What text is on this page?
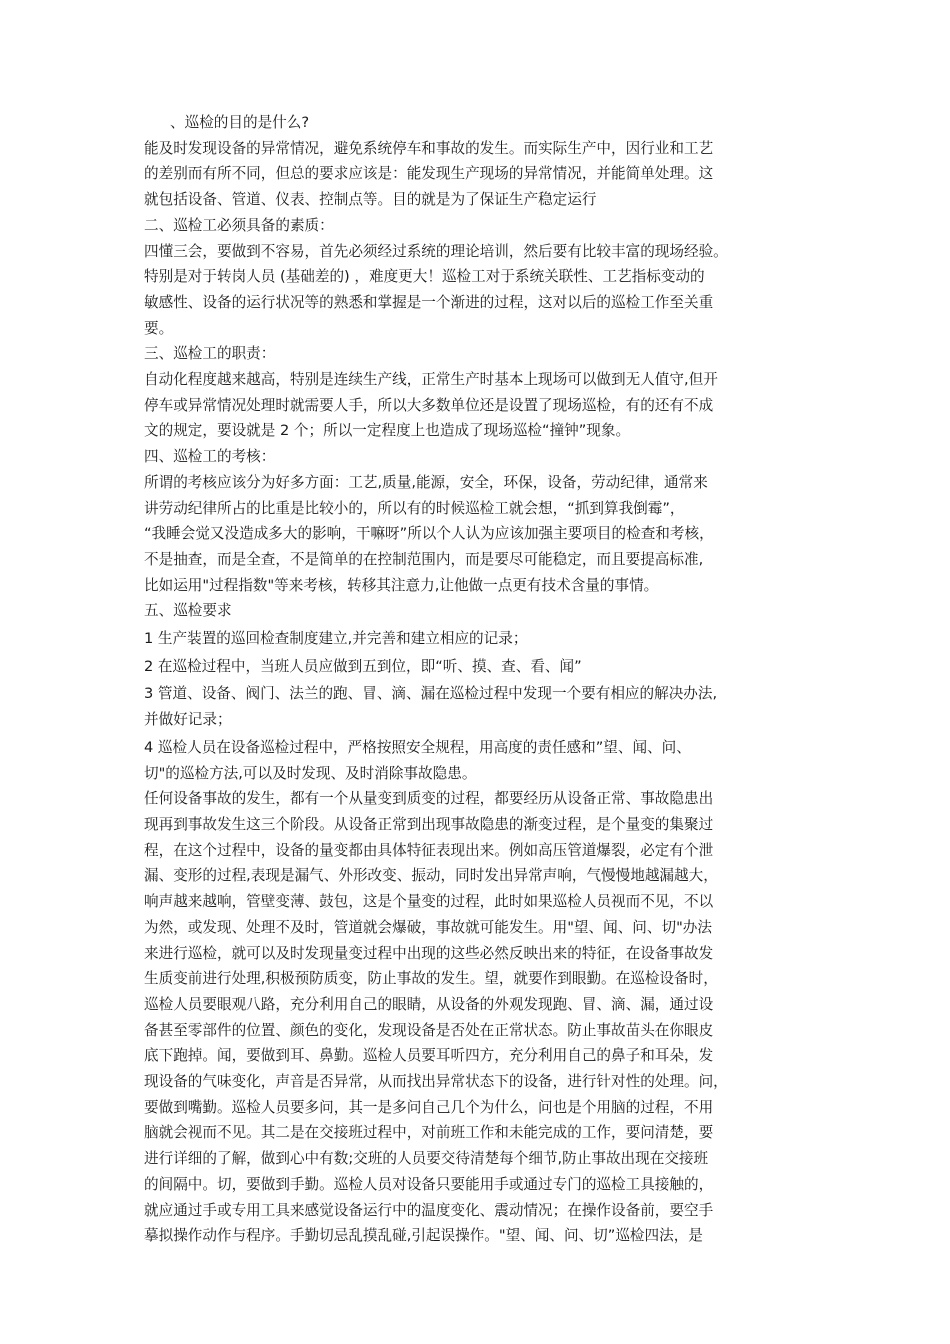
、巡检的目的是什么?
能及时发现设备的异常情况，避免系统停车和事故的发生。而实际生产中，因行业和工艺
的差别而有所不同，但总的要求应该是：能发现生产现场的异常情况，并能简单处理。这
就包括设备、管道、仪表、控制点等。目的就是为了保证生产稳定运行
二、巡检工必须具备的素质：
四懂三会，要做到不容易，首先必须经过系统的理论培训，然后要有比较丰富的现场经验。
特别是对于转岗人员 (基础差的) ，难度更大！巡检工对于系统关联性、工艺指标变动的
敏感性、设备的运行状况等的熟悉和掌握是一个渐进的过程，这对以后的巡检工作至关重
要。
三、巡检工的职责：
自动化程度越来越高，特别是连续生产线，正常生产时基本上现场可以做到无人值守,但开
停车或异常情况处理时就需要人手，所以大多数单位还是设置了现场巡检，有的还有不成
文的规定，要设就是 2 个；所以一定程度上也造成了现场巡检“撞钟”现象。
四、巡检工的考核：
所谓的考核应该分为好多方面：工艺,质量,能源，安全，环保，设备，劳动纪律，通常来
讲劳动纪律所占的比重是比较小的，所以有的时候巡检工就会想，“抓到算我倒霉”，
“我睡会觉又没造成多大的影响，干嘛呀”所以个人认为应该加强主要项目的检查和考核，
不是抽查，而是全查，不是简单的在控制范围内，而是要尽可能稳定，而且要提高标准,
比如运用"过程指数"等来考核，转移其注意力,让他做一点更有技术含量的事情。
五、巡检要求
1 生产装置的巡回检查制度建立,并完善和建立相应的记录；
2 在巡检过程中，当班人员应做到五到位，即“听、摸、查、看、闻”
3 管道、设备、阀门、法兰的跑、冒、滴、漏在巡检过程中发现一个要有相应的解决办法,
并做好记录；
4 巡检人员在设备巡检过程中，严格按照安全规程，用高度的责任感和”望、闻、问、
切"的巡检方法,可以及时发现、及时消除事故隐患。
任何设备事故的发生，都有一个从量变到质变的过程，都要经历从设备正常、事故隐患出
现再到事故发生这三个阶段。从设备正常到出现事故隐患的渐变过程，是个量变的集聚过
程，在这个过程中，设备的量变都由具体特征表现出来。例如高压管道爆裂，必定有个泄
漏、变形的过程,表现是漏气、外形改变、振动，同时发出异常声响，气慢慢地越漏越大，
响声越来越响，管壁变薄、鼓包，这是个量变的过程，此时如果巡检人员视而不见，不以
为然，或发现、处理不及时，管道就会爆破，事故就可能发生。用"望、闻、问、切"办法
来进行巡检，就可以及时发现量变过程中出现的这些必然反映出来的特征，在设备事故发
生质变前进行处理,积极预防质变，防止事故的发生。望，就要作到眼勤。在巡检设备时，
巡检人员要眼观八路，充分利用自己的眼睛，从设备的外观发现跑、冒、滴、漏，通过设
备甚至零部件的位置、颜色的变化，发现设备是否处在正常状态。防止事故苗头在你眼皮
底下跑掉。闻，要做到耳、鼻勤。巡检人员要耳听四方，充分利用自己的鼻子和耳朵，发
现设备的气味变化，声音是否异常，从而找出异常状态下的设备，进行针对性的处理。问，
要做到嘴勤。巡检人员要多问，其一是多问自己几个为什么，问也是个用脑的过程，不用
脑就会视而不见。其二是在交接班过程中，对前班工作和未能完成的工作，要问清楚，要
进行详细的了解，做到心中有数;交班的人员要交待清楚每个细节,防止事故出现在交接班
的间隔中。切，要做到手勤。巡检人员对设备只要能用手或通过专门的巡检工具接触的，
就应通过手或专用工具来感觉设备运行中的温度变化、震动情况；在操作设备前，要空手
摹拟操作动作与程序。手勤切忌乱摸乱碰,引起误操作。"望、闻、问、切”巡检四法，是
